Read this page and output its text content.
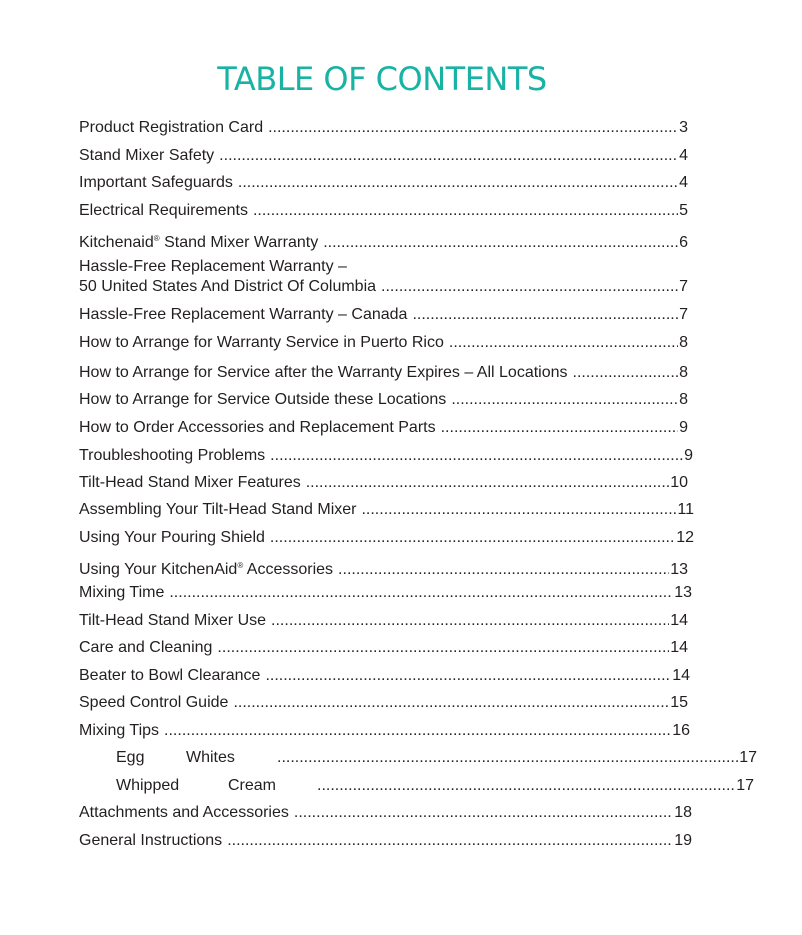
TABLE OF CONTENTS
Product Registration Card .....	3
Stand Mixer Safety .....	4
Important Safeguards .....	4
Electrical Requirements .....	5
Kitchenaid® Stand Mixer Warranty .....	6
Hassle-Free Replacement Warranty –
50 United States And District Of Columbia .....	7
Hassle-Free Replacement Warranty – Canada .....	7
How to Arrange for Warranty Service in Puerto Rico .....	8
How to Arrange for Service after the Warranty Expires – All Locations .....	8
How to Arrange for Service Outside these Locations .....	8
How to Order Accessories and Replacement Parts .....	9
Troubleshooting Problems .....	9
Tilt-Head Stand Mixer Features .....	10
Assembling Your Tilt-Head Stand Mixer .....	11
Using Your Pouring Shield .....	12
Using Your KitchenAid® Accessories .....	13
Mixing Time .....	13
Tilt-Head Stand Mixer Use .....	14
Care and Cleaning .....	14
Beater to Bowl Clearance .....	14
Speed Control Guide .....	15
Mixing Tips .....	16
Egg	Whites .....	17
Whipped	Cream .....	17
Attachments and Accessories .....	18
General Instructions .....	19
